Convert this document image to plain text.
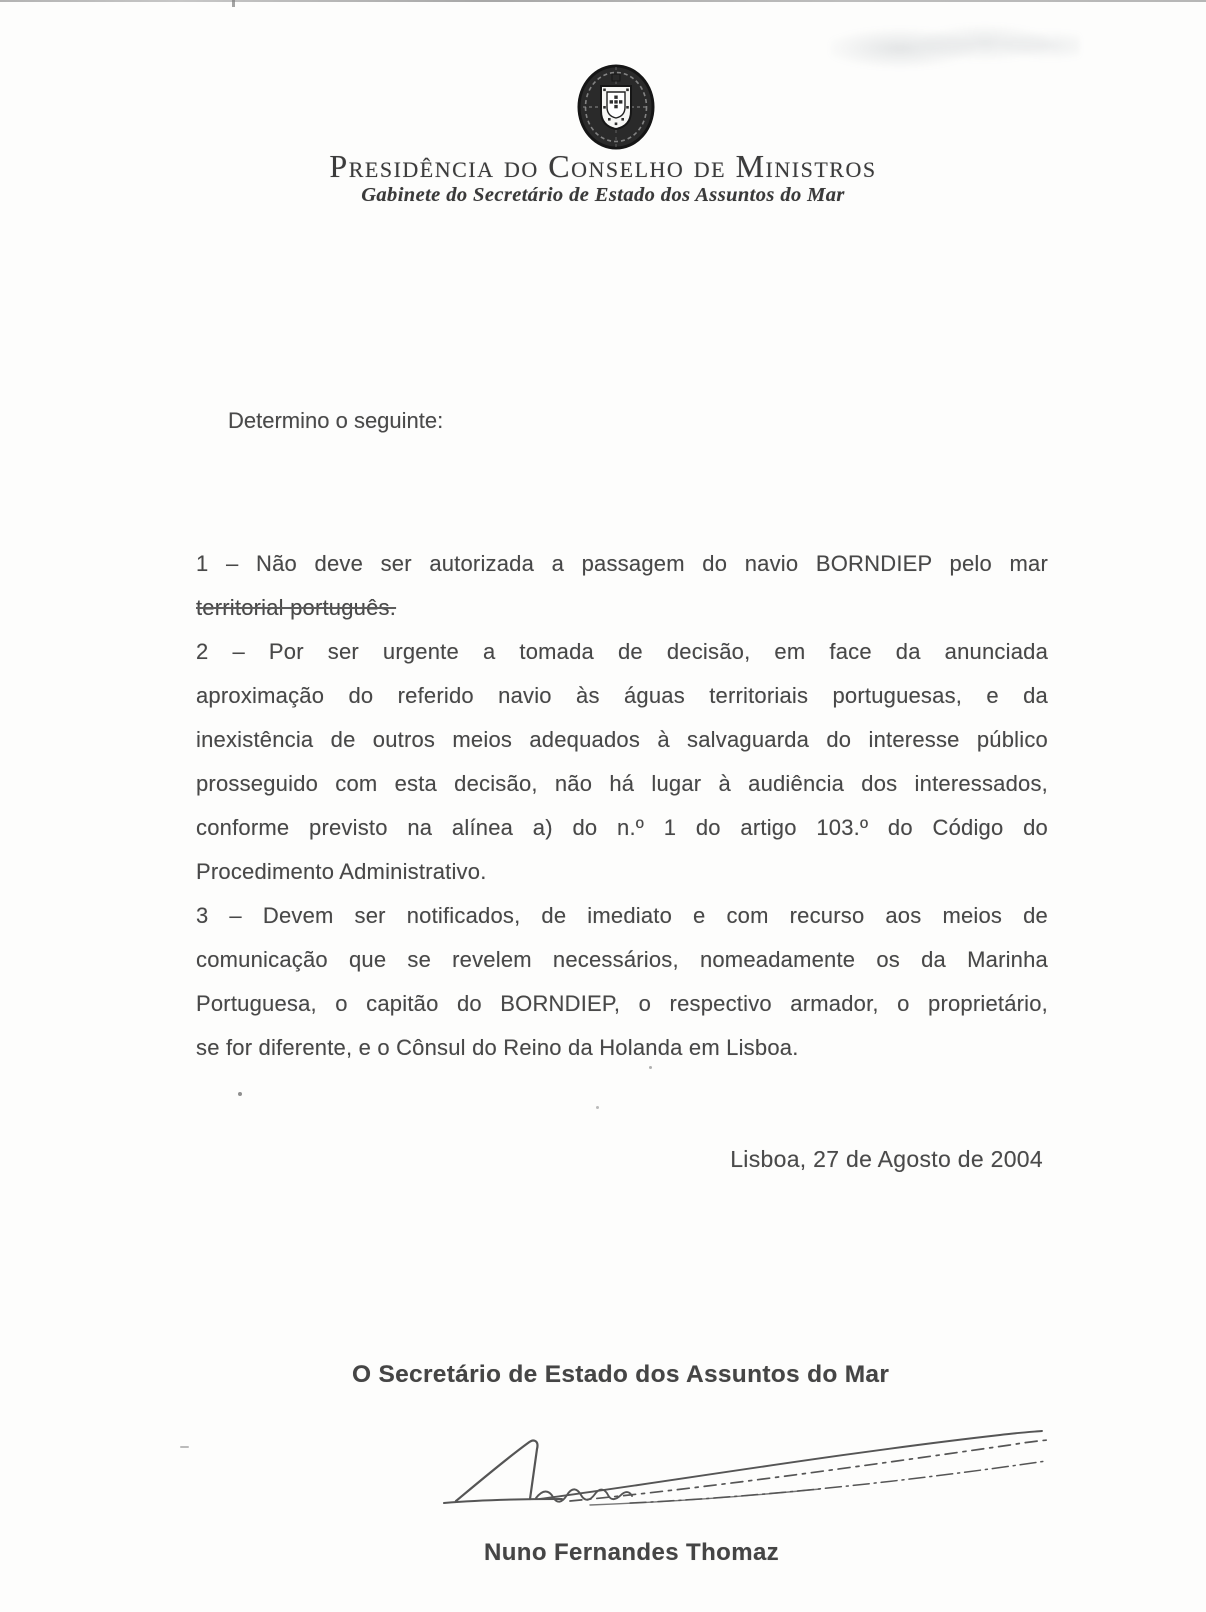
Presidência do Conselho de Ministros
Gabinete do Secretário de Estado dos Assuntos do Mar
Determino o seguinte:
1 – Não deve ser autorizada a passagem do navio BORNDIEP pelo mar
territorial português.
2 – Por ser urgente a tomada de decisão, em face da anunciada
aproximação do referido navio às águas territoriais portuguesas, e da
inexistência de outros meios adequados à salvaguarda do interesse público
prosseguido com esta decisão, não há lugar à audiência dos interessados,
conforme previsto na alínea a) do n.º 1 do artigo 103.º do Código do
Procedimento Administrativo.
3 – Devem ser notificados, de imediato e com recurso aos meios de
comunicação que se revelem necessários, nomeadamente os da Marinha
Portuguesa, o capitão do BORNDIEP, o respectivo armador, o proprietário,
se for diferente, e o Cônsul do Reino da Holanda em Lisboa.
Lisboa, 27 de Agosto de 2004
O Secretário de Estado dos Assuntos do Mar
Nuno Fernandes Thomaz
